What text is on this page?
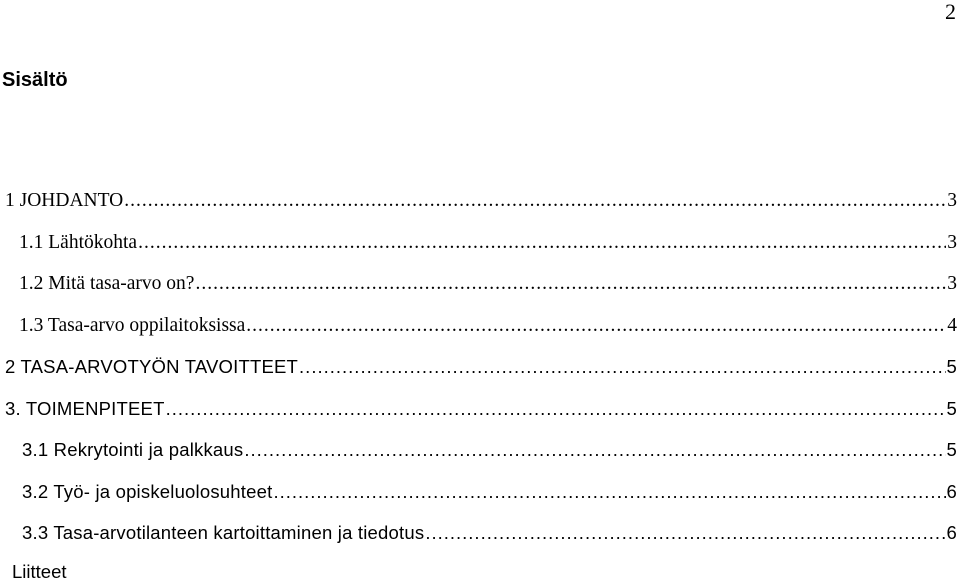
2
Sisältö
1 JOHDANTO .....	3
1.1 Lähtökohta .....	3
1.2 Mitä tasa-arvo on? .....	3
1.3 Tasa-arvo oppilaitoksissa .....	4
2 TASA-ARVOTYÖN TAVOITTEET .....	5
3. TOIMENPITEET .....	5
3.1 Rekrytointi ja palkkaus .....	5
3.2 Työ- ja opiskeluolosuhteet .....	6
3.3 Tasa-arvotilanteen kartoittaminen ja tiedotus .....	6
Liitteet
